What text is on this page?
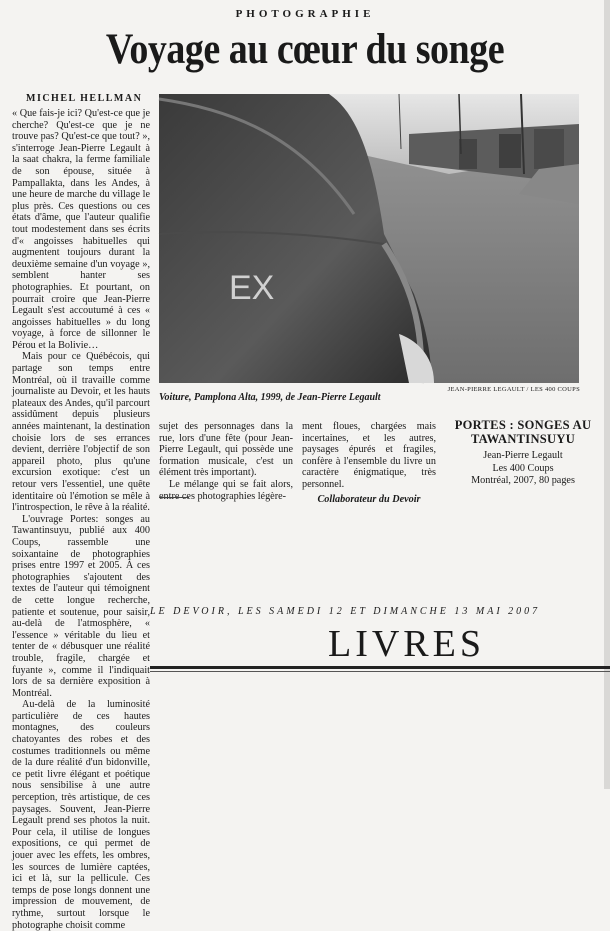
PHOTOGRAPHIE
Voyage au cœur du songe
MICHEL HELLMAN

« Que fais-je ici? Qu'est-ce que je cherche? Qu'est-ce que je ne trouve pas? Qu'est-ce que tout? », s'interroge Jean-Pierre Legault à la saat chakra, la ferme familiale de son épouse, située à Pampallakta, dans les Andes, à une heure de marche du village le plus près. Ces questions ou ces états d'âme, que l'auteur qualifie tout modestement dans ses écrits d'« angoisses habituelles qui augmentent toujours durant la deuxième semaine d'un voyage », semblent hanter ses photographies. Et pourtant, on pourrait croire que Jean-Pierre Legault s'est accoutumé à ces « angoisses habituelles » du long voyage, à force de sillonner le Pérou et la Bolivie…

Mais pour ce Québécois, qui partage son temps entre Montréal, où il travaille comme journaliste au Devoir, et les hauts plateaux des Andes, qu'il parcourt assidûment depuis plusieurs années maintenant, la destination choisie lors de ses errances devient, derrière l'objectif de son appareil photo, plus qu'une excursion exotique: c'est un retour vers l'essentiel, une quête identitaire où l'émotion se mêle à l'introspection, le rêve à la réalité.

L'ouvrage Portes: songes au Tawantinsuyu, publié aux 400 Coups, rassemble une soixantaine de photographies prises entre 1997 et 2005. À ces photographies s'ajoutent des textes de l'auteur qui témoignent de cette longue recherche, patiente et soutenue, pour saisir, au-delà de l'atmosphère, « l'essence » véritable du lieu et tenter de « débusquer une réalité trouble, fragile, chargée et fuyante », comme il l'indiquait lors de sa dernière exposition à Montréal.

Au-delà de la luminosité particulière de ces hautes montagnes, des couleurs chatoyantes des robes et des costumes traditionnels ou même de la dure réalité d'un bidonville, ce petit livre élégant et poétique nous sensibilise à une autre perception, très artistique, de ces paysages. Souvent, Jean-Pierre Legault prend ses photos la nuit. Pour cela, il utilise de longues expositions, ce qui permet de jouer avec les effets, les ombres, les sources de lumière captées, ici et là, sur la pellicule. Ces temps de pose longs donnent une impression de mouvement, de rythme, surtout lorsque le photographe choisit comme

EX
JEAN-PIERRE LEGAULT / LES 400 COUPS
Voiture, Pamplona Alta, 1999, de Jean-Pierre Legault

sujet des personnages dans la rue, lors d'une fête (pour Jean-Pierre Legault, qui possède une formation musicale, c'est un élément très important).

Le mélange qui se fait alors, entre ces photographies légère-

ment floues, chargées mais incertaines, et les autres, paysages épurés et fragiles, confère à l'ensemble du livre un caractère énigmatique, très personnel.

Collaborateur du Devoir

PORTES : SONGES AU TAWANTINSUYU
Jean-Pierre Legault
Les 400 Coups
Montréal, 2007, 80 pages
LE DEVOIR, LES SAMEDI 12 ET DIMANCHE 13 MAI 2007
LIVRES
